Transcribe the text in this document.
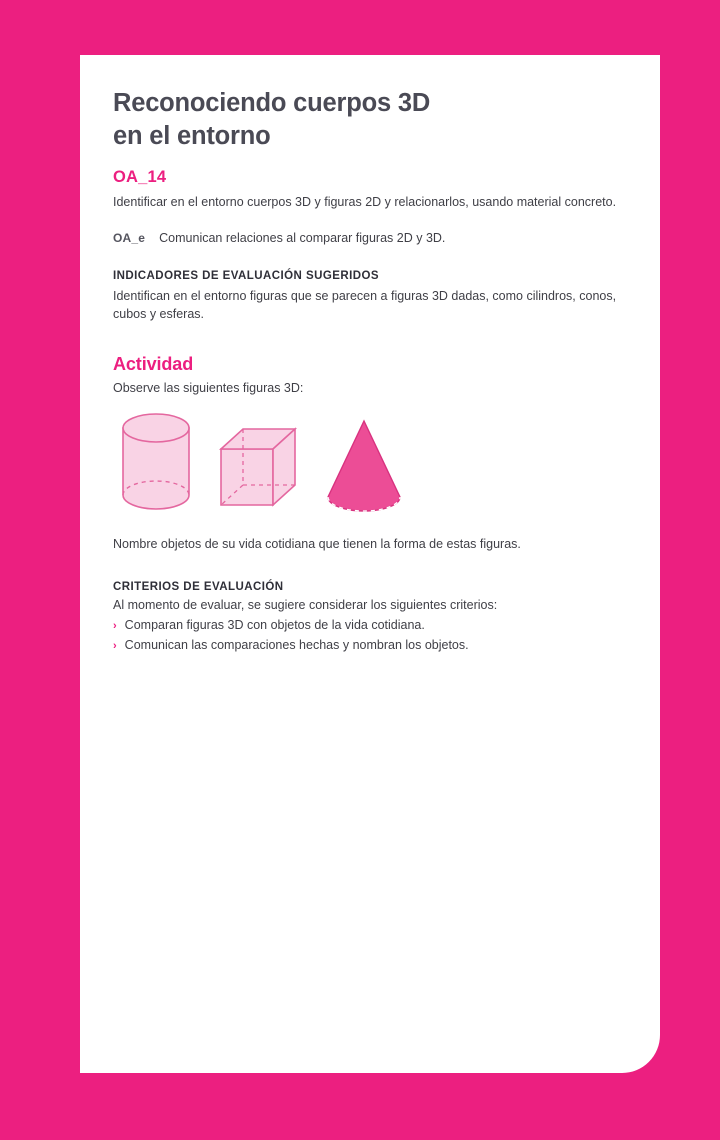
Reconociendo cuerpos 3D
en el entorno
OA_14
Identificar en el entorno cuerpos 3D y figuras 2D y relacionarlos, usando material concreto.
OA_e Comunican relaciones al comparar figuras 2D y 3D.
INDICADORES DE EVALUACIÓN SUGERIDOS
Identifican en el entorno figuras que se parecen a figuras 3D dadas, como cilindros, conos, cubos y esferas.
Actividad
Observe las siguientes figuras 3D:
Nombre objetos de su vida cotidiana que tienen la forma de estas figuras.
CRITERIOS DE EVALUACIÓN
Al momento de evaluar, se sugiere considerar los siguientes criterios:
› Comparan figuras 3D con objetos de la vida cotidiana.
› Comunican las comparaciones hechas y nombran los objetos.
